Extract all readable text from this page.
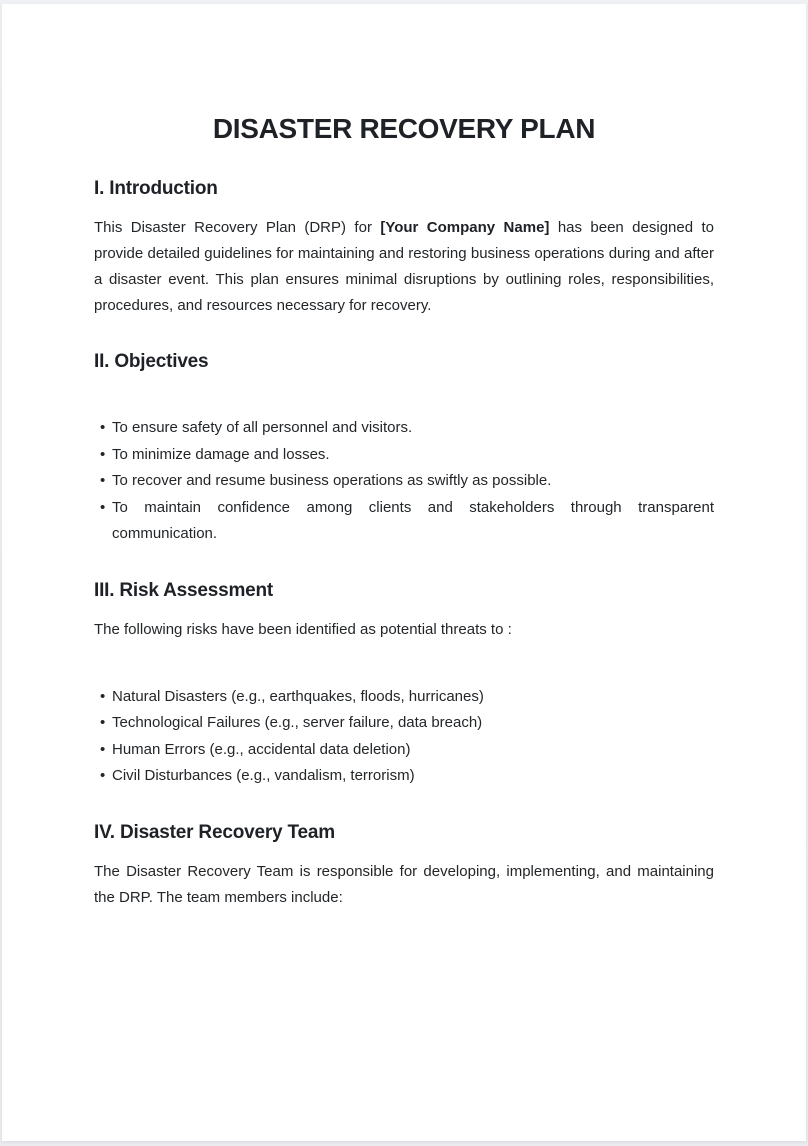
DISASTER RECOVERY PLAN
I. Introduction

This Disaster Recovery Plan (DRP) for [Your Company Name] has been designed to provide detailed guidelines for maintaining and restoring business operations during and after a disaster event. This plan ensures minimal disruptions by outlining roles, responsibilities, procedures, and resources necessary for recovery.

II. Objectives
• To ensure safety of all personnel and visitors.
• To minimize damage and losses.
• To recover and resume business operations as swiftly as possible.
• To maintain confidence among clients and stakeholders through transparent communication.
III. Risk Assessment

The following risks have been identified as potential threats to :

• Natural Disasters (e.g., earthquakes, floods, hurricanes)
• Technological Failures (e.g., server failure, data breach)
• Human Errors (e.g., accidental data deletion)
• Civil Disturbances (e.g., vandalism, terrorism)
IV. Disaster Recovery Team

The Disaster Recovery Team is responsible for developing, implementing, and maintaining the DRP. The team members include:
